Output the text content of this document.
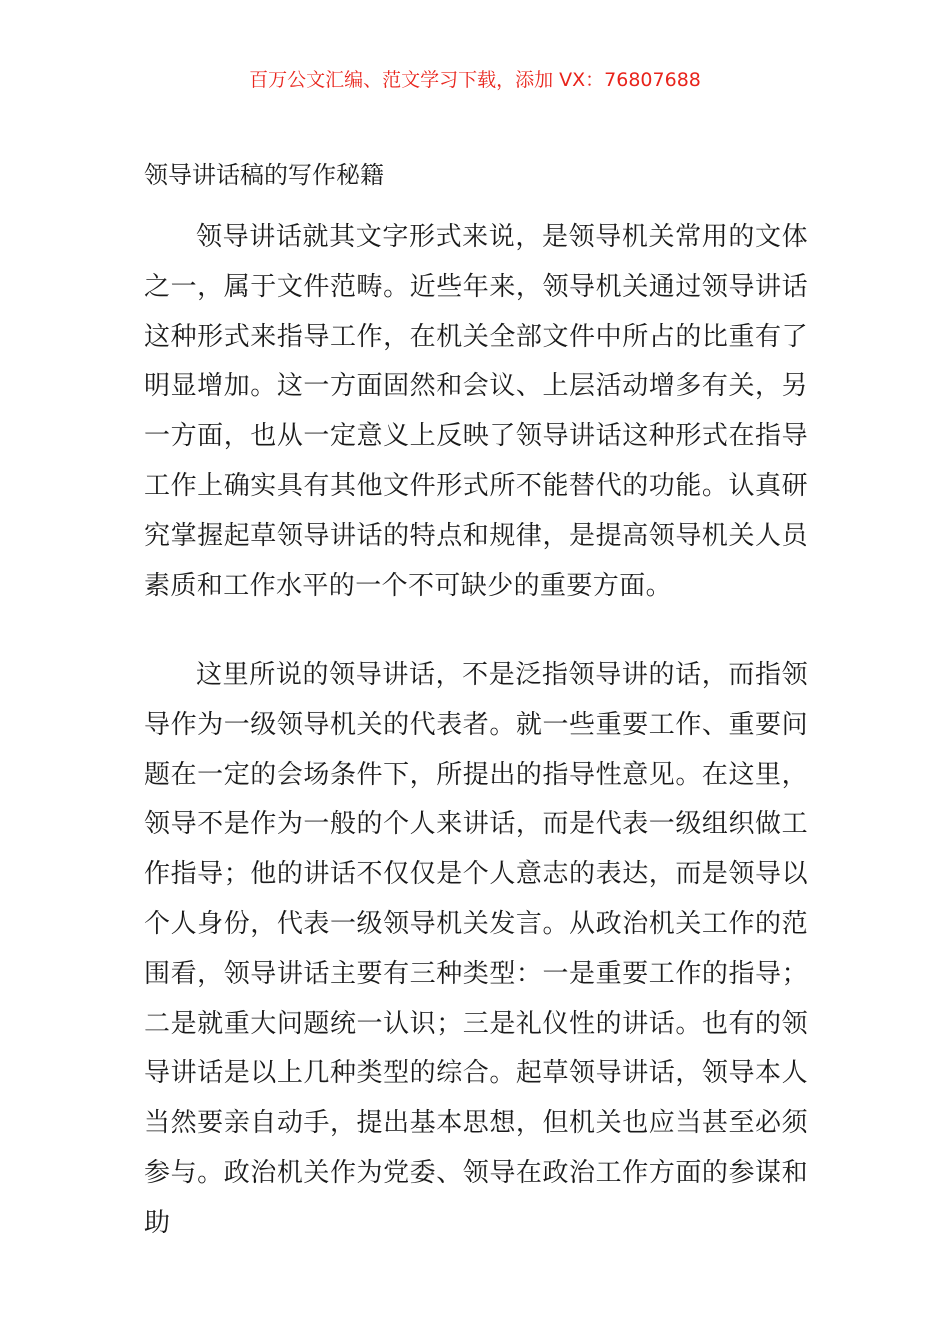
百万公文汇编、范文学习下载，添加 VX：76807688
领导讲话稿的写作秘籍

领导讲话就其文字形式来说，是领导机关常用的文体之一，属于文件范畴。近些年来，领导机关通过领导讲话这种形式来指导工作，在机关全部文件中所占的比重有了明显增加。这一方面固然和会议、上层活动增多有关，另一方面，也从一定意义上反映了领导讲话这种形式在指导工作上确实具有其他文件形式所不能替代的功能。认真研究掌握起草领导讲话的特点和规律，是提高领导机关人员素质和工作水平的一个不可缺少的重要方面。

这里所说的领导讲话，不是泛指领导讲的话，而指领导作为一级领导机关的代表者。就一些重要工作、重要问题在一定的会场条件下，所提出的指导性意见。在这里，领导不是作为一般的个人来讲话，而是代表一级组织做工作指导；他的讲话不仅仅是个人意志的表达，而是领导以个人身份，代表一级领导机关发言。从政治机关工作的范围看，领导讲话主要有三种类型：一是重要工作的指导；二是就重大问题统一认识；三是礼仪性的讲话。也有的领导讲话是以上几种类型的综合。起草领导讲话，领导本人当然要亲自动手，提出基本思想，但机关也应当甚至必须参与。政治机关作为党委、领导在政治工作方面的参谋和助
